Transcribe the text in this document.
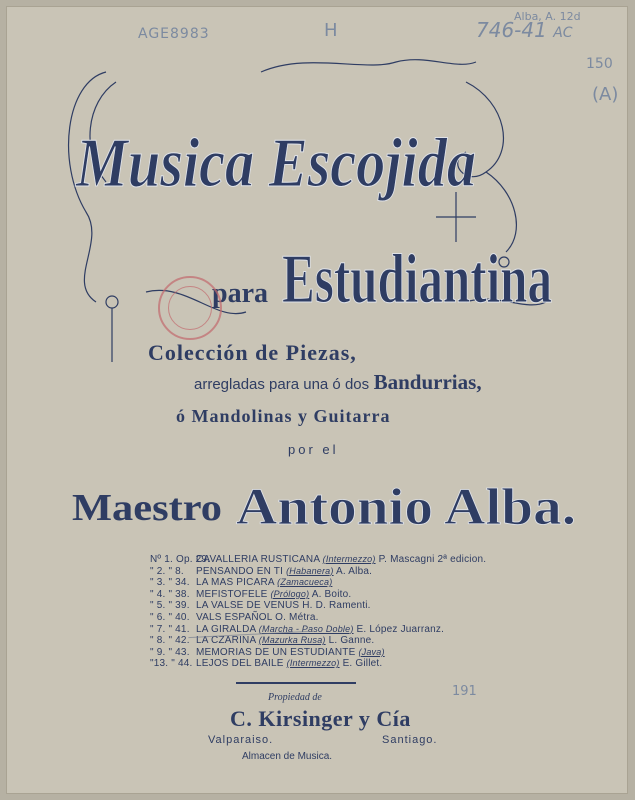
AGE8983	H
Alba, A. 12d
746-41 AC
150
(A)
Musica Escojida
para Estudiantina
Colección de Piezas,
arregladas para una ó dos Bandurrias,
ó Mandolinas y Guitarra
por el
Maestro Antonio Alba.
Nº 1. Op. 29.CAVALLERIA RUSTICANA (Intermezzo) P. Mascagni 2ª edicion.
" 2. " 8. PENSANDO EN TI (Habanera) A. Alba.
" 3. " 34. LA MAS PICARA (Zamacueca)
" 4. " 38. MEFISTOFELE (Prólogo) A. Boito.
" 5. " 39. LA VALSE DE VENUS H. D. Ramenti.
" 6. " 40. VALS ESPAÑOL O. Métra.
" 7. " 41. LA GIRALDA (Marcha - Paso Doble) E. López Juarranz.
" 8. " 42. LA CZARINA (Mazurka Rusa) L. Ganne.
" 9. " 43. MEMORIAS DE UN ESTUDIANTE (Java)
"13. " 44. LEJOS DEL BAILE (Intermezzo) E. Gillet.
191
Propiedad de
C. Kirsinger y Cía
Valparaiso.	Santiago.
Almacen de Musica.
